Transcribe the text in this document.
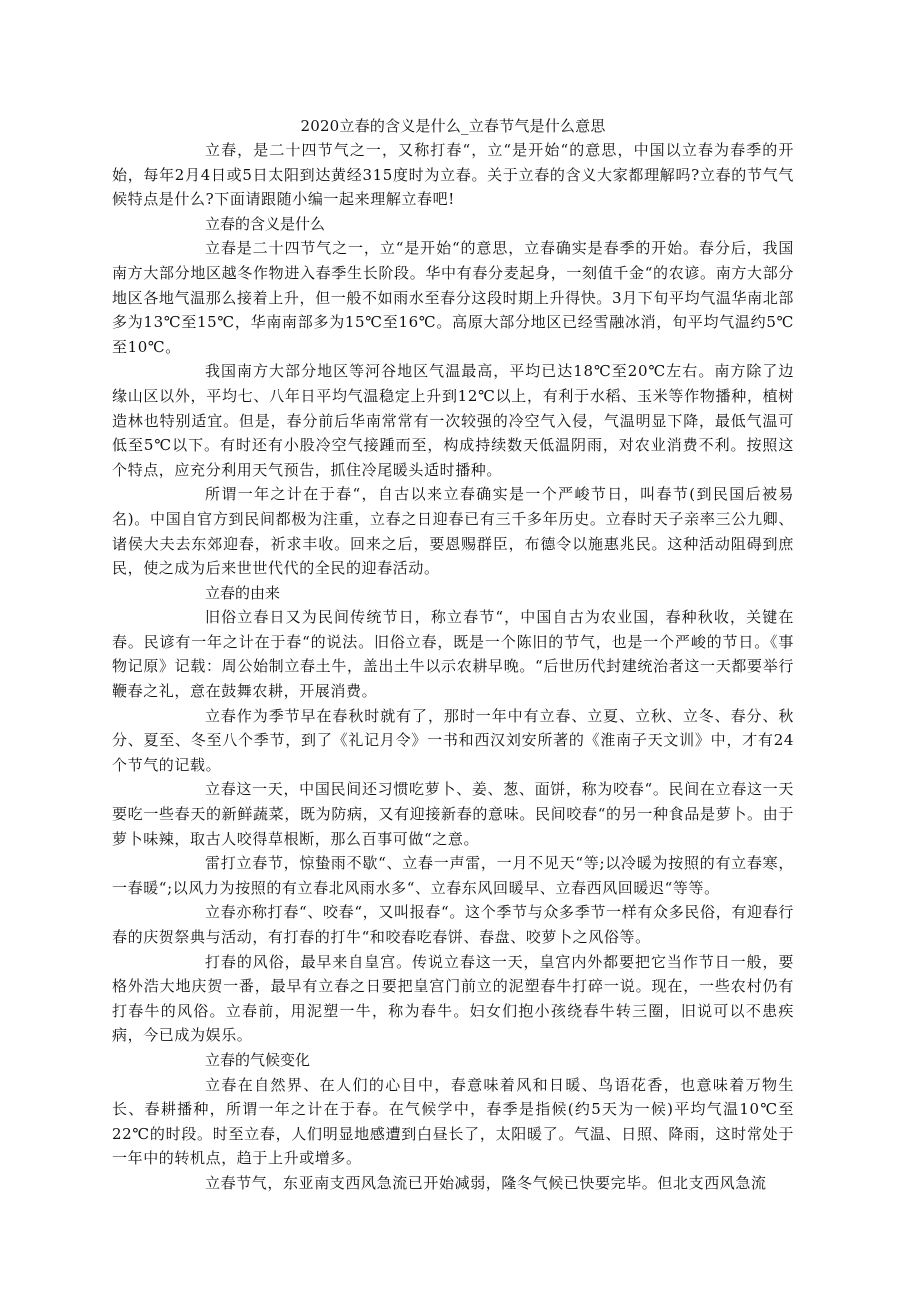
2020立春的含义是什么_立春节气是什么意思

立春，是二十四节气之一，又称打春“，立“是开始“的意思，中国以立春为春季的开始，每年2月4日或5日太阳到达黄经315度时为立春。关于立春的含义大家都理解吗?立春的节气气候特点是什么?下面请跟随小编一起来理解立春吧!

立春的含义是什么

立春是二十四节气之一，立“是开始“的意思，立春确实是春季的开始。春分后，我国南方大部分地区越冬作物进入春季生长阶段。华中有春分麦起身，一刻值千金“的农谚。南方大部分地区各地气温那么接着上升，但一般不如雨水至春分这段时期上升得快。3月下旬平均气温华南北部多为13℃至15℃，华南南部多为15℃至16℃。高原大部分地区已经雪融冰消，旬平均气温约5℃至10℃。

我国南方大部分地区等河谷地区气温最高，平均已达18℃至20℃左右。南方除了边缘山区以外，平均七、八年日平均气温稳定上升到12℃以上，有利于水稻、玉米等作物播种，植树造林也特别适宜。但是，春分前后华南常常有一次较强的冷空气入侵，气温明显下降，最低气温可低至5℃以下。有时还有小股冷空气接踵而至，构成持续数天低温阴雨，对农业消费不利。按照这个特点，应充分利用天气预告，抓住冷尾暖头适时播种。

所谓一年之计在于春“，自古以来立春确实是一个严峻节日，叫春节(到民国后被易名)。中国自官方到民间都极为注重，立春之日迎春已有三千多年历史。立春时天子亲率三公九卿、诸侯大夫去东郊迎春，祈求丰收。回来之后，要恩赐群臣，布德令以施惠兆民。这种活动阻碍到庶民，使之成为后来世世代代的全民的迎春活动。

立春的由来

旧俗立春日又为民间传统节日，称立春节“，中国自古为农业国，春种秋收，关键在春。民谚有一年之计在于春“的说法。旧俗立春，既是一个陈旧的节气，也是一个严峻的节日。《事物记原》记载：周公始制立春土牛，盖出土牛以示农耕早晚。“后世历代封建统治者这一天都要举行鞭春之礼，意在鼓舞农耕，开展消费。

立春作为季节早在春秋时就有了，那时一年中有立春、立夏、立秋、立冬、春分、秋分、夏至、冬至八个季节，到了《礼记月令》一书和西汉刘安所著的《淮南子天文训》中，才有24个节气的记载。

立春这一天，中国民间还习惯吃萝卜、姜、葱、面饼，称为咬春“。民间在立春这一天要吃一些春天的新鲜蔬菜，既为防病，又有迎接新春的意味。民间咬春“的另一种食品是萝卜。由于萝卜味辣，取古人咬得草根断，那么百事可做“之意。

雷打立春节，惊蛰雨不歇“、立春一声雷，一月不见天“等;以冷暖为按照的有立春寒，一春暖“;以风力为按照的有立春北风雨水多“、立春东风回暖早、立春西风回暖迟“等等。

立春亦称打春“、咬春“，又叫报春“。这个季节与众多季节一样有众多民俗，有迎春行春的庆贺祭典与活动，有打春的打牛“和咬春吃春饼、春盘、咬萝卜之风俗等。

打春的风俗，最早来自皇宫。传说立春这一天，皇宫内外都要把它当作节日一般，要格外浩大地庆贺一番，最早有立春之日要把皇宫门前立的泥塑春牛打碎一说。现在，一些农村仍有打春牛的风俗。立春前，用泥塑一牛，称为春牛。妇女们抱小孩绕春牛转三圈，旧说可以不患疾病，今已成为娱乐。

立春的气候变化

立春在自然界、在人们的心目中，春意味着风和日暖、鸟语花香，也意味着万物生长、春耕播种，所谓一年之计在于春。在气候学中，春季是指候(约5天为一候)平均气温10℃至22℃的时段。时至立春，人们明显地感遭到白昼长了，太阳暖了。气温、日照、降雨，这时常处于一年中的转机点，趋于上升或增多。

立春节气，东亚南支西风急流已开始减弱，隆冬气候已快要完毕。但北支西风急流
